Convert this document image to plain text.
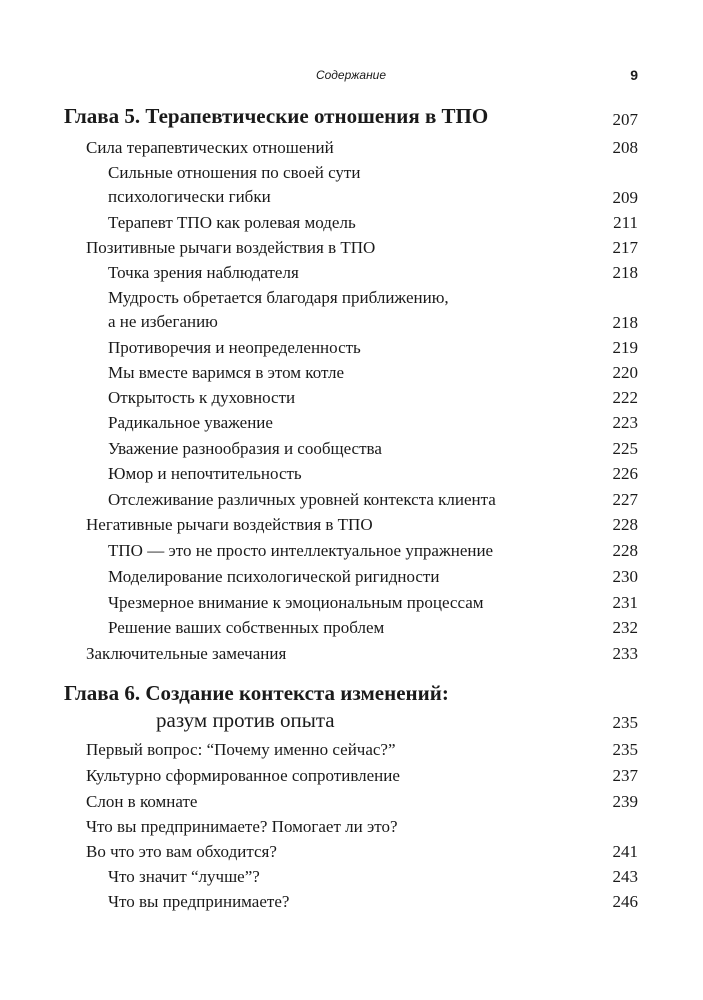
Содержание	9
Глава 5. Терапевтические отношения в ТПО	207
Сила терапевтических отношений	208
Сильные отношения по своей сути
психологически гибки	209
Терапевт ТПО как ролевая модель	211
Позитивные рычаги воздействия в ТПО	217
Точка зрения наблюдателя	218
Мудрость обретается благодаря приближению,
а не избеганию	218
Противоречия и неопределенность	219
Мы вместе варимся в этом котле	220
Открытость к духовности	222
Радикальное уважение	223
Уважение разнообразия и сообщества	225
Юмор и непочтительность	226
Отслеживание различных уровней контекста клиента	227
Негативные рычаги воздействия в ТПО	228
ТПО — это не просто интеллектуальное упражнение	228
Моделирование психологической ригидности	230
Чрезмерное внимание к эмоциональным процессам	231
Решение ваших собственных проблем	232
Заключительные замечания	233
Глава 6. Создание контекста изменений:
разум против опыта	235
Первый вопрос: “Почему именно сейчас?”	235
Культурно сформированное сопротивление	237
Слон в комнате	239
Что вы предпринимаете? Помогает ли это?
Во что это вам обходится?	241
Что значит “лучше”?	243
Что вы предпринимаете?	246
